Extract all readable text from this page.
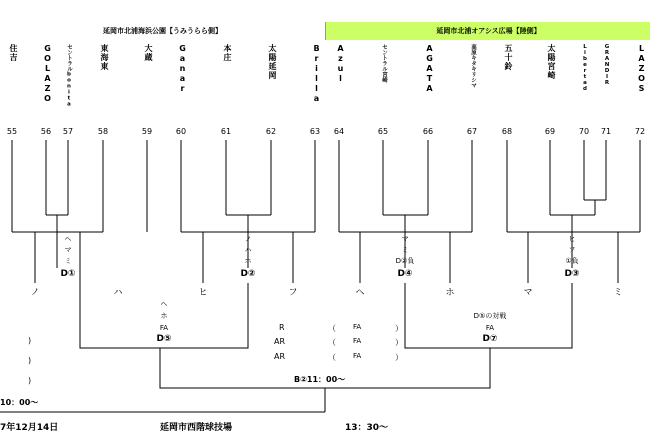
延岡市北浦海浜公園【うみうらら側】	延岡市北浦オアシス広場【陸側】
住吉	GOLAZO	セントラルbonita	東海東	大蔵	Ganar	本庄	太陽延岡	Brilla	Azul	セントラル宮崎	AGATA	高原キタキリシマ	五十鈴	太陽宮崎	Libertad	GRANDIR	LAZOS
55	56 57	58	59	60	61	62	63 64	65	66	67	68	69	70 71	72
ヘ
マ
ミ
D①
ノ	ハ
ノ
ハ
ホ
D②
ヒ	フ
マ
ミ
D②負
D④
ヘ	ホ
ヒ
フ
①負
D③
マ	ミ
ヘ
ホ
FA
D⑤
D⑤の対戦
FA
D⑦
R	（ FA	）
AR	（ FA	）
AR	（ FA	）
)
)
)
10：00〜
B②11：00〜
7年12月14日	延岡市西階球技場	13：30〜
